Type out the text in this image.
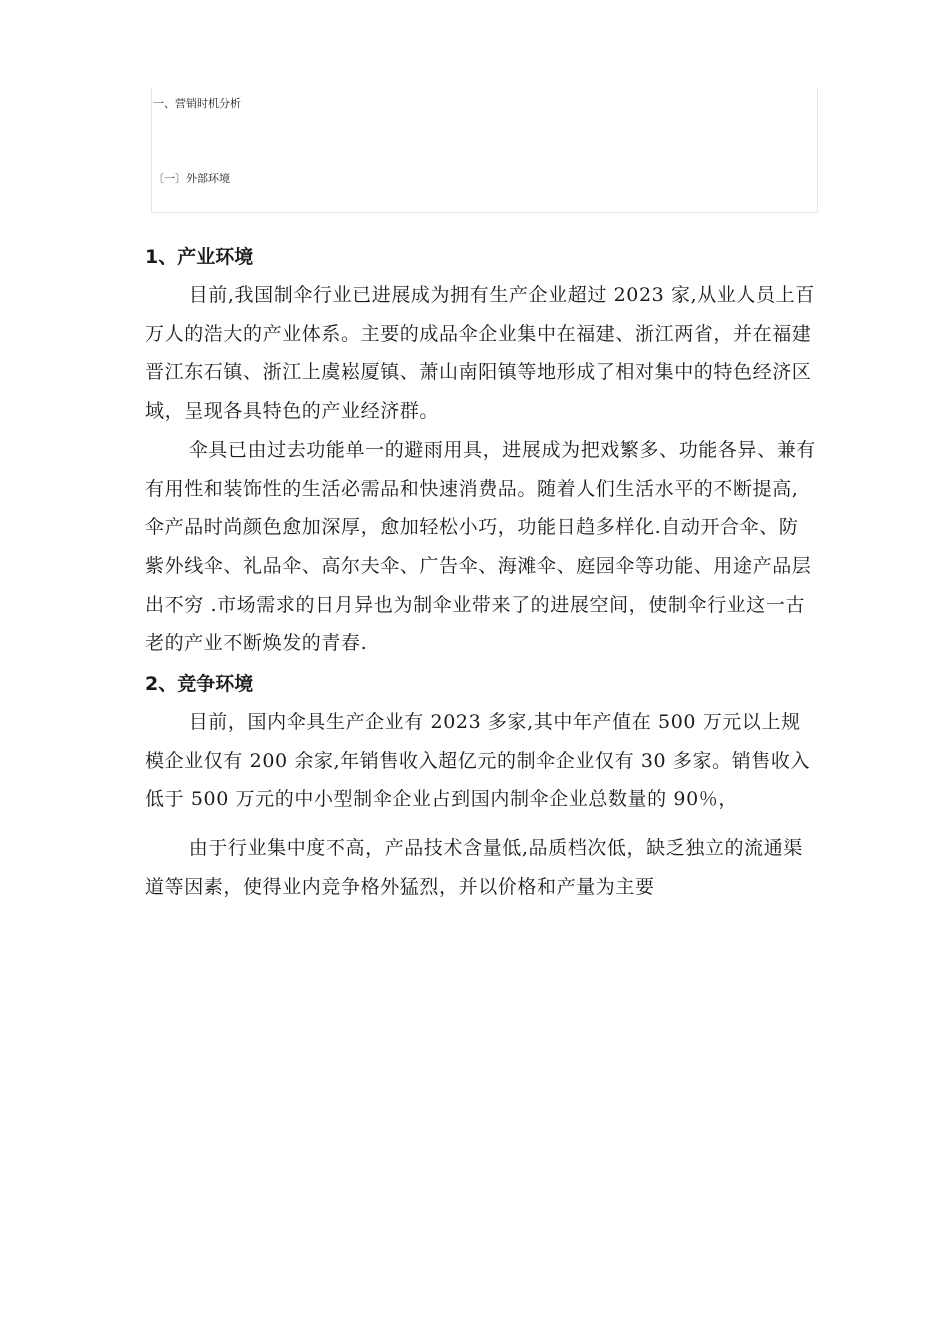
一、营销时机分析
〔一〕外部环境
1、产业环境

目前,我国制伞行业已进展成为拥有生产企业超过 2023 家,从业人员上百万人的浩大的产业体系。主要的成品伞企业集中在福建、浙江两省，并在福建晋江东石镇、浙江上虞崧厦镇、萧山南阳镇等地形成了相对集中的特色经济区域，呈现各具特色的产业经济群。

伞具已由过去功能单一的避雨用具，进展成为把戏繁多、功能各异、兼有有用性和装饰性的生活必需品和快速消费品。随着人们生活水平的不断提高,伞产品时尚颜色愈加深厚，愈加轻松小巧，功能日趋多样化.自动开合伞、防紫外线伞、礼品伞、高尔夫伞、广告伞、海滩伞、庭园伞等功能、用途产品层出不穷 .市场需求的日月异也为制伞业带来了的进展空间，使制伞行业这一古老的产业不断焕发的青春.

2、竞争环境

目前，国内伞具生产企业有 2023 多家,其中年产值在 500 万元以上规模企业仅有 200 余家,年销售收入超亿元的制伞企业仅有 30 多家。销售收入低于 500 万元的中小型制伞企业占到国内制伞企业总数量的 90％，

由于行业集中度不高，产品技术含量低,品质档次低，缺乏独立的流通渠道等因素，使得业内竞争格外猛烈，并以价格和产量为主要
